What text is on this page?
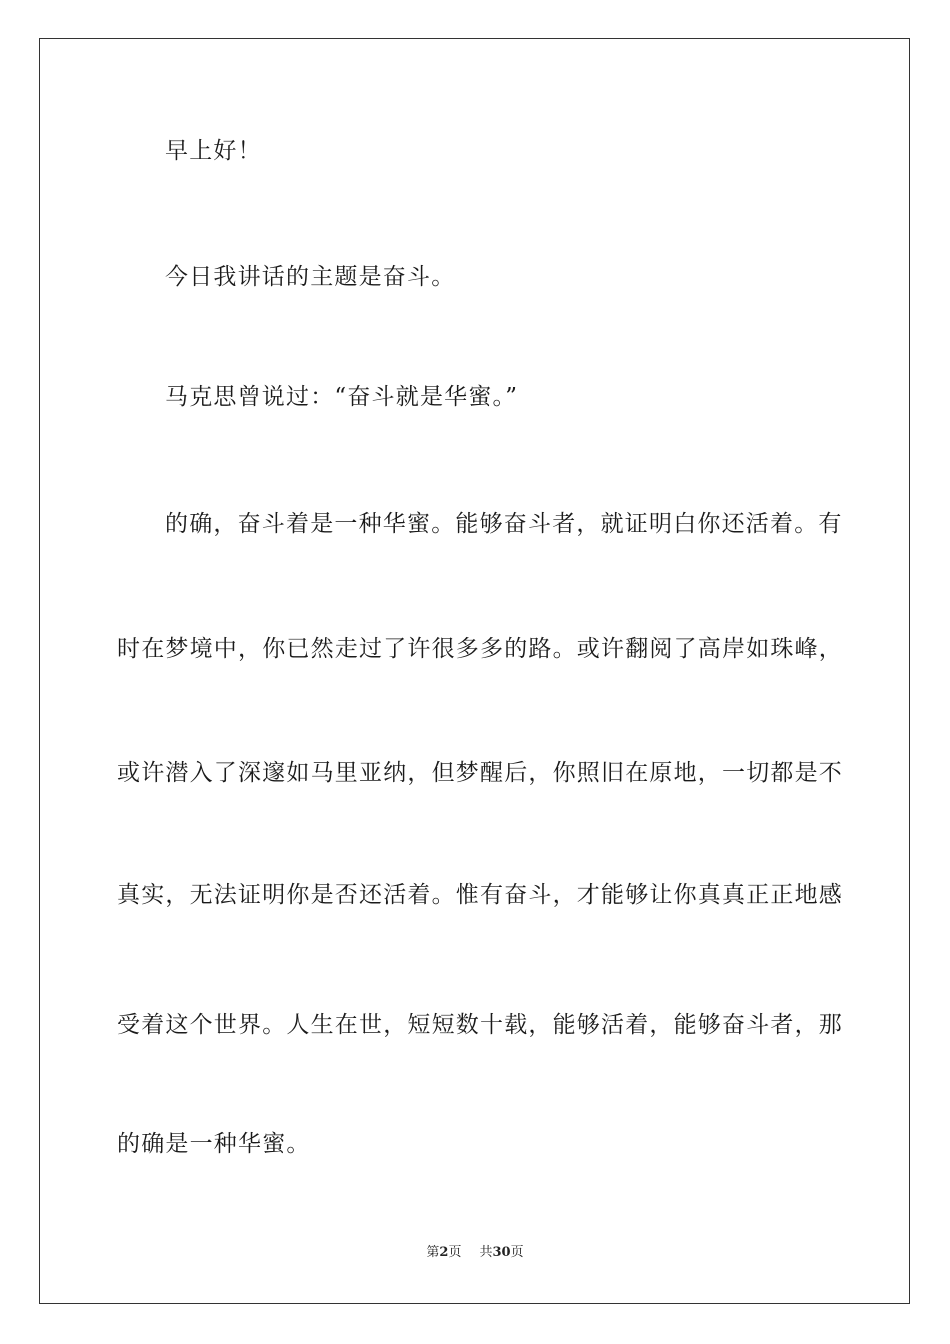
早上好！
今日我讲话的主题是奋斗。
马克思曾说过：“奋斗就是华蜜。”
的确，奋斗着是一种华蜜。能够奋斗者，就证明白你还活着。有
时在梦境中，你已然走过了许很多多的路。或许翻阅了高岸如珠峰，
或许潜入了深邃如马里亚纳，但梦醒后，你照旧在原地，一切都是不
真实，无法证明你是否还活着。惟有奋斗，才能够让你真真正正地感
受着这个世界。人生在世，短短数十载，能够活着，能够奋斗者，那
的确是一种华蜜。
第2页 共30页
